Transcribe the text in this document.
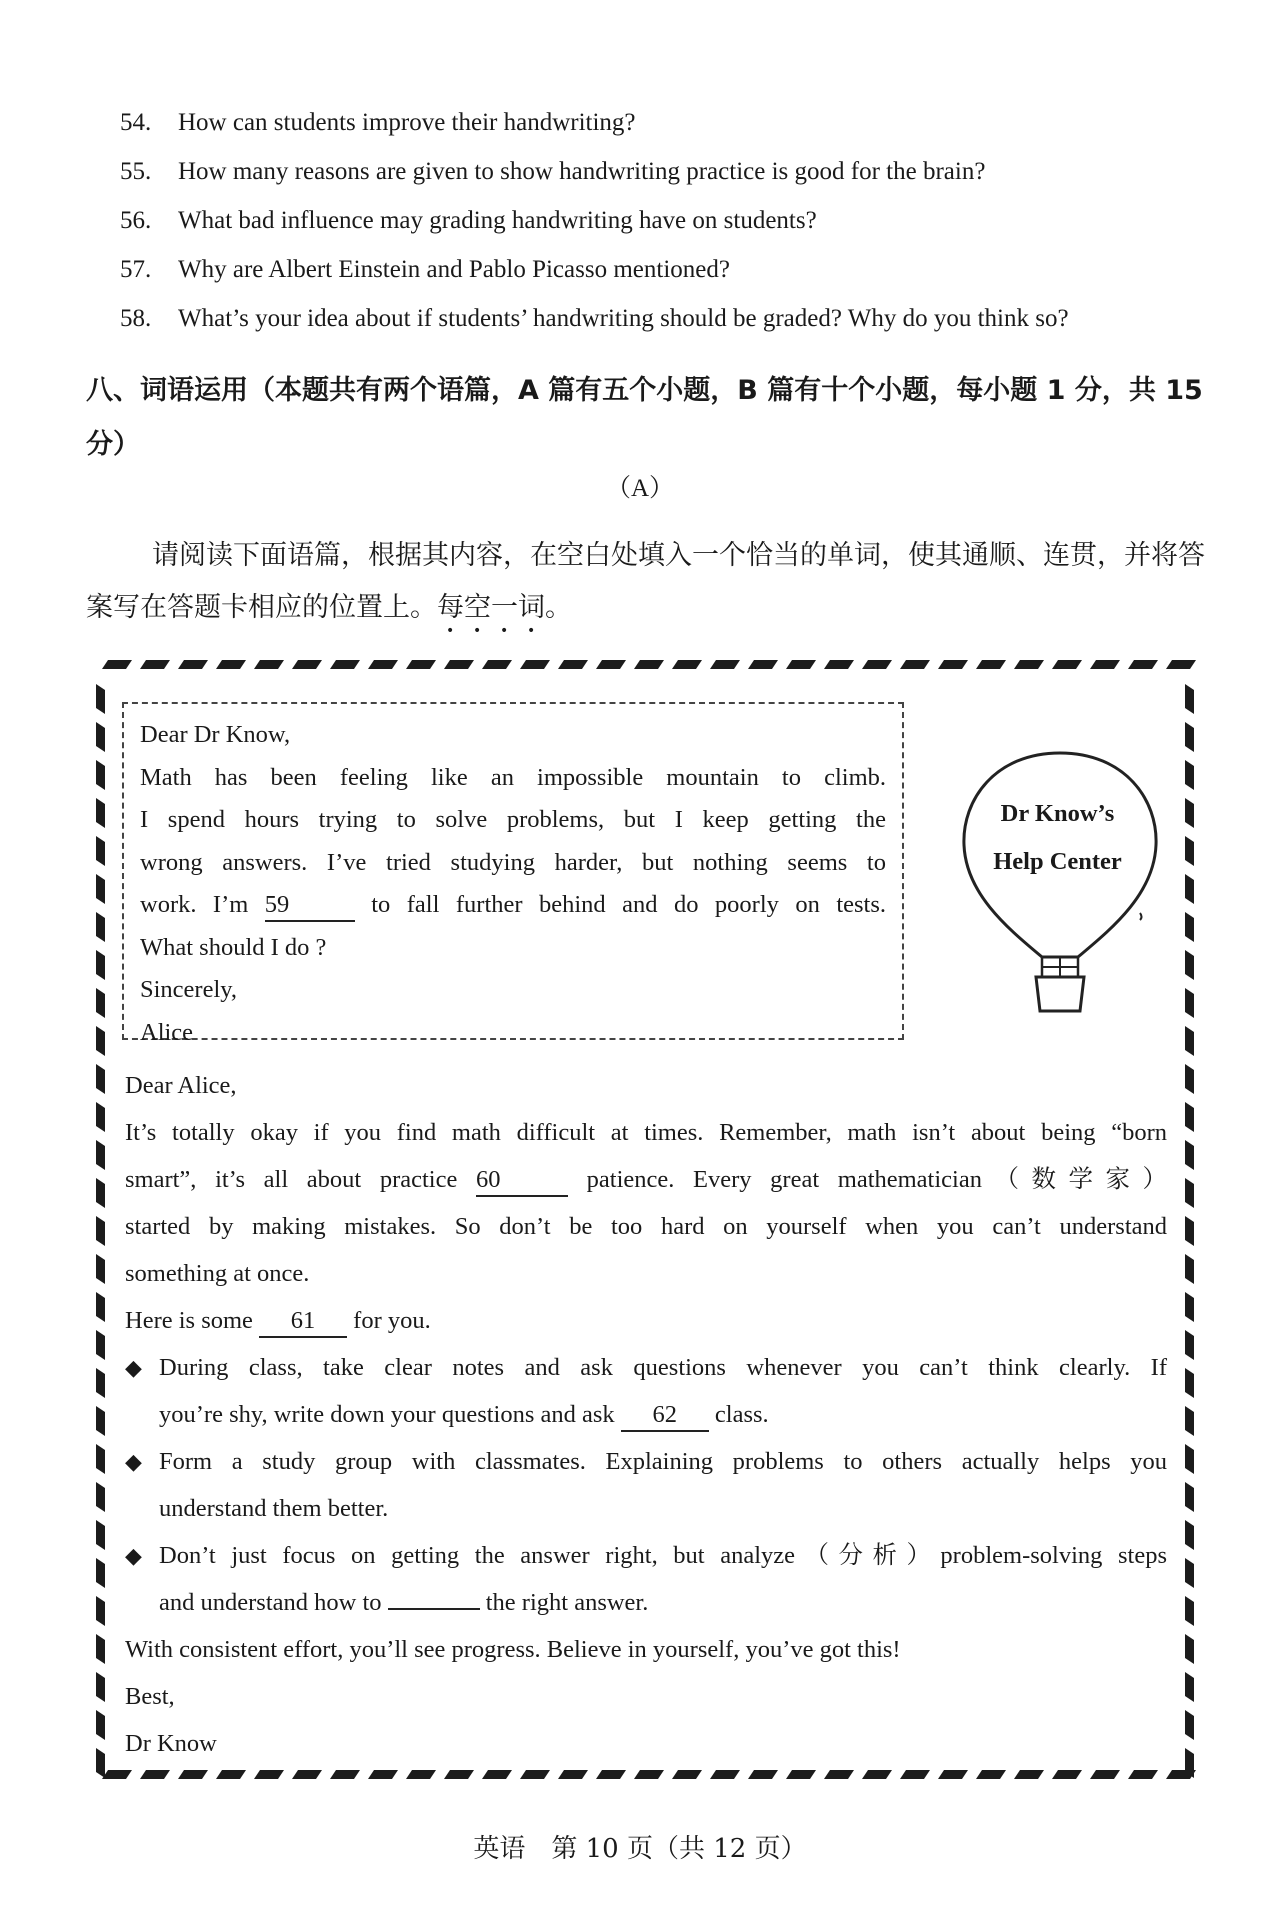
54. How can students improve their handwriting?
55. How many reasons are given to show handwriting practice is good for the brain?
56. What bad influence may grading handwriting have on students?
57. Why are Albert Einstein and Pablo Picasso mentioned?
58. What’s your idea about if students’ handwriting should be graded? Why do you think so?
八、词语运用（本题共有两个语篇，A 篇有五个小题，B 篇有十个小题，每小题 1 分，共 15 分）
（A）
请阅读下面语篇，根据其内容，在空白处填入一个恰当的单词，使其通顺、连贯，并将答案写在答题卡相应的位置上。每空一词。

Dear Dr Know,

Math has been feeling like an impossible mountain to climb.

I spend hours trying to solve problems, but I keep getting the

wrong answers. I’ve tried studying harder, but nothing seems to

work. I’m 59	to fall further behind and do poorly on tests.

What should I do ?

Sincerely,

Alice

Dr Know’s
Help Center

Dear Alice,

It’s totally okay if you find math difficult at times. Remember, math isn’t about being “born

smart”, it’s all about practice 60	patience. Every great mathematician（数学家）

started by making mistakes. So don’t be too hard on yourself when you can’t understand

something at once.

Here is some 61 for you.

◆ During class, take clear notes and ask questions whenever you can’t think clearly. If

you’re shy, write down your questions and ask 62 class.

◆ Form a study group with classmates. Explaining problems to others actually helps you

understand them better.

◆ Don’t just focus on getting the answer right, but analyze（分析）problem-solving steps

and understand how to	the right answer.

With consistent effort, you’ll see progress. Believe in yourself, you’ve got this!

Best,

Dr Know

英语　第 10 页（共 12 页）
